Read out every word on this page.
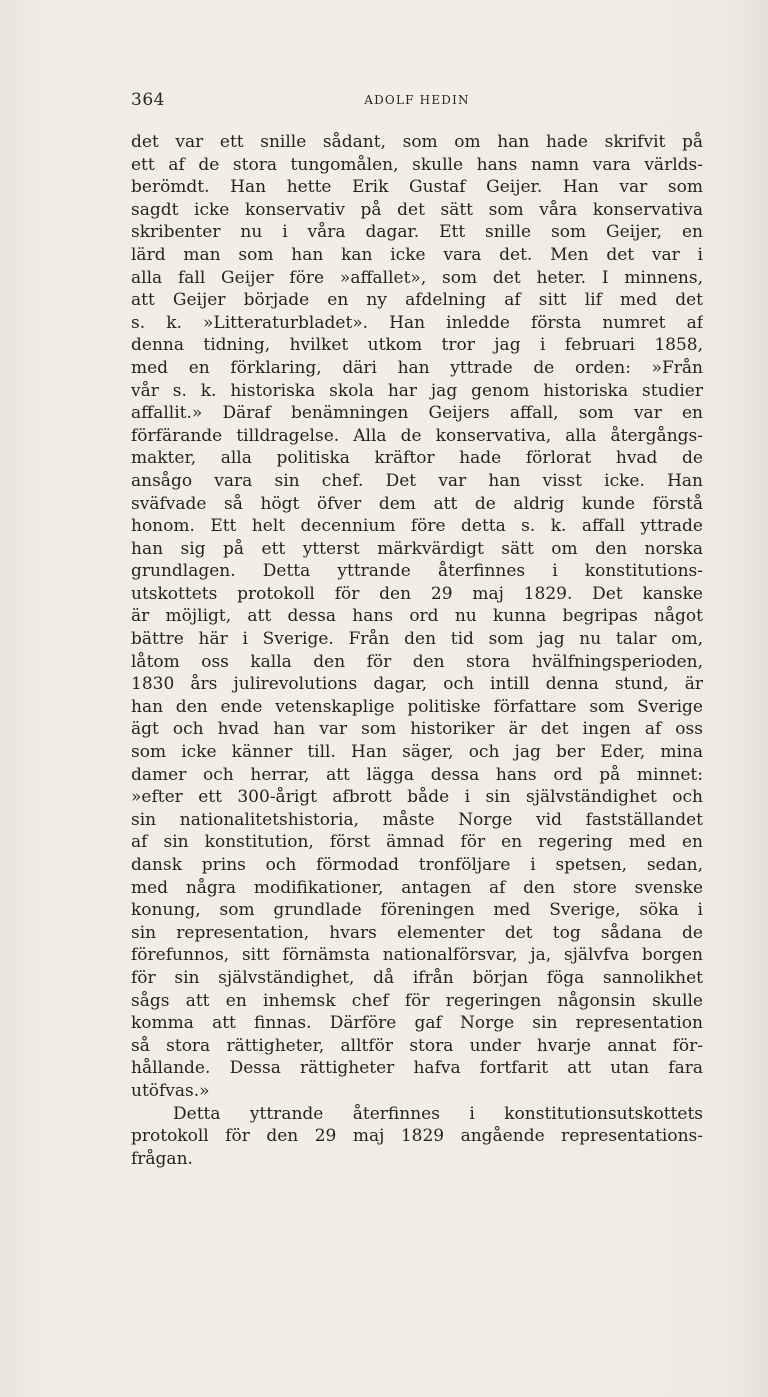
364	ADOLF HEDIN
det var ett snille sådant, som om han hade skrifvit på
ett af de stora tungomålen, skulle hans namn vara världs-
berömdt. Han hette Erik Gustaf Geijer. Han var som
sagdt icke konservativ på det sätt som våra konservativa
skribenter nu i våra dagar. Ett snille som Geijer, en
lärd man som han kan icke vara det. Men det var i
alla fall Geijer före »affallet», som det heter. I minnens,
att Geijer började en ny afdelning af sitt lif med det
s. k. »Litteraturbladet». Han inledde första numret af
denna tidning, hvilket utkom tror jag i februari 1858,
med en förklaring, däri han yttrade de orden: »Från
vår s. k. historiska skola har jag genom historiska studier
affallit.» Däraf benämningen Geijers affall, som var en
förfärande tilldragelse. Alla de konservativa, alla återgångs-
makter, alla politiska kräftor hade förlorat hvad de
ansågo vara sin chef. Det var han visst icke. Han
sväfvade så högt öfver dem att de aldrig kunde förstå
honom. Ett helt decennium före detta s. k. affall yttrade
han sig på ett ytterst märkvärdigt sätt om den norska
grundlagen. Detta yttrande återfinnes i konstitutions-
utskottets protokoll för den 29 maj 1829. Det kanske
är möjligt, att dessa hans ord nu kunna begripas något
bättre här i Sverige. Från den tid som jag nu talar om,
låtom oss kalla den för den stora hvälfningsperioden,
1830 års julirevolutions dagar, och intill denna stund, är
han den ende vetenskaplige politiske författare som Sverige
ägt och hvad han var som historiker är det ingen af oss
som icke känner till. Han säger, och jag ber Eder, mina
damer och herrar, att lägga dessa hans ord på minnet:
»efter ett 300-årigt afbrott både i sin självständighet och
sin nationalitetshistoria, måste Norge vid fastställandet
af sin konstitution, först ämnad för en regering med en
dansk prins och förmodad tronföljare i spetsen, sedan,
med några modifikationer, antagen af den store svenske
konung, som grundlade föreningen med Sverige, söka i
sin representation, hvars elementer det tog sådana de
förefunnos, sitt förnämsta nationalförsvar, ja, självfva borgen
för sin självständighet, då ifrån början föga sannolikhet
sågs att en inhemsk chef för regeringen någonsin skulle
komma att finnas. Därföre gaf Norge sin representation
så stora rättigheter, alltför stora under hvarje annat för-
hållande. Dessa rättigheter hafva fortfarit att utan fara
utöfvas.»
Detta yttrande återfinnes i konstitutionsutskottets
protokoll för den 29 maj 1829 angående representations-
frågan.
